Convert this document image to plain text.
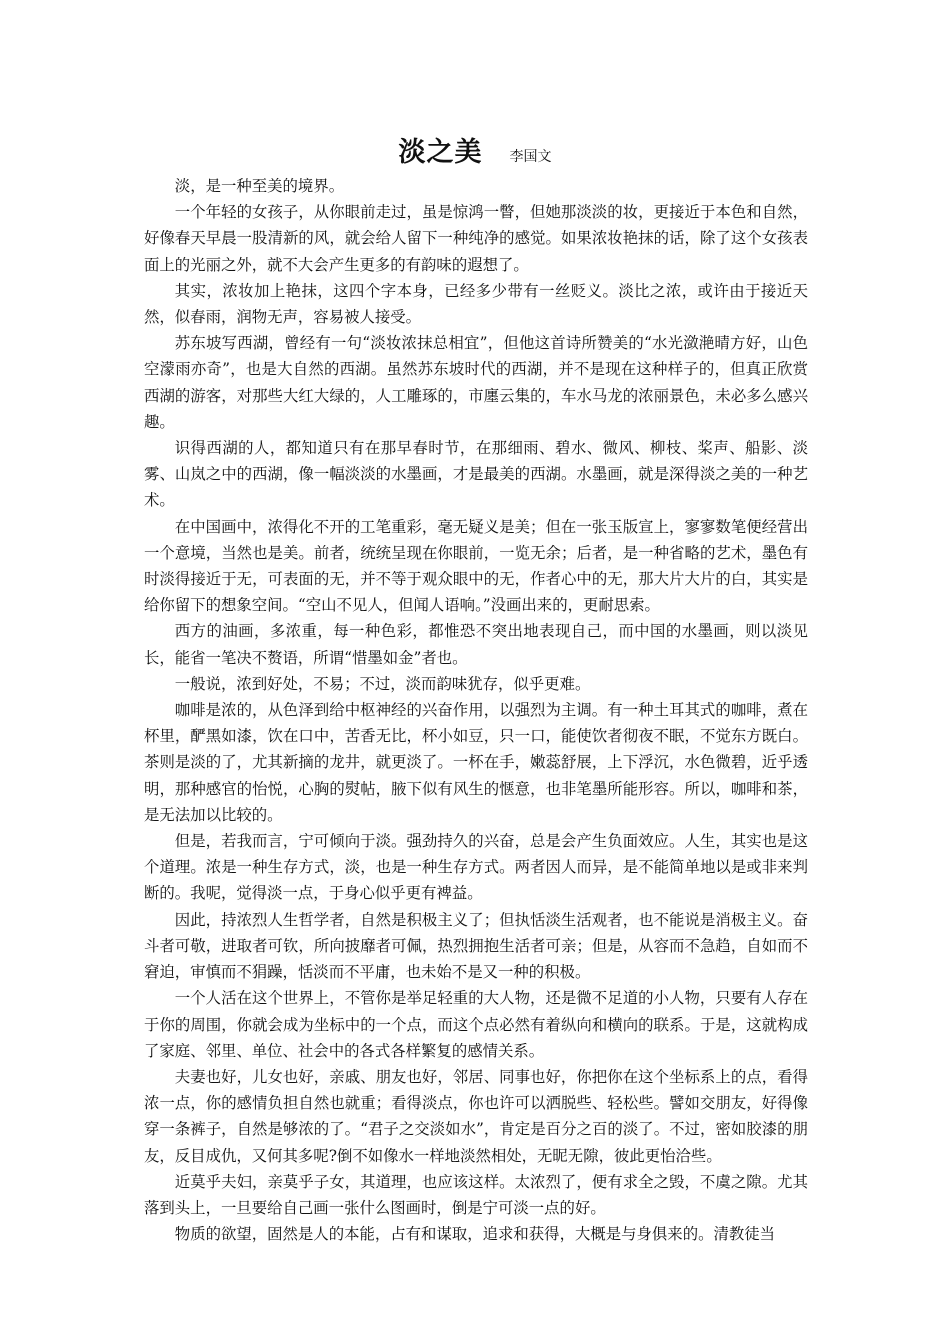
淡之美 李国文

淡，是一种至美的境界。

一个年轻的女孩子，从你眼前走过，虽是惊鸿一瞥，但她那淡淡的妆，更接近于本色和自然，好像春天早晨一股清新的风，就会给人留下一种纯净的感觉。如果浓妆艳抹的话，除了这个女孩表面上的光丽之外，就不大会产生更多的有韵味的遐想了。

其实，浓妆加上艳抹，这四个字本身，已经多少带有一丝贬义。淡比之浓，或许由于接近天然，似春雨，润物无声，容易被人接受。

苏东坡写西湖，曾经有一句“淡妆浓抹总相宜”，但他这首诗所赞美的“水光潋滟晴方好，山色空濛雨亦奇”，也是大自然的西湖。虽然苏东坡时代的西湖，并不是现在这种样子的，但真正欣赏西湖的游客，对那些大红大绿的，人工雕琢的，市廛云集的，车水马龙的浓丽景色，未必多么感兴趣。

识得西湖的人，都知道只有在那早春时节，在那细雨、碧水、微风、柳枝、桨声、船影、淡雾、山岚之中的西湖，像一幅淡淡的水墨画，才是最美的西湖。水墨画，就是深得淡之美的一种艺术。

在中国画中，浓得化不开的工笔重彩，毫无疑义是美；但在一张玉版宣上，寥寥数笔便经营出一个意境，当然也是美。前者，统统呈现在你眼前，一览无余；后者，是一种省略的艺术，墨色有时淡得接近于无，可表面的无，并不等于观众眼中的无，作者心中的无，那大片大片的白，其实是给你留下的想象空间。“空山不见人，但闻人语响。”没画出来的，更耐思索。

西方的油画，多浓重，每一种色彩，都惟恐不突出地表现自己，而中国的水墨画，则以淡见长，能省一笔决不赘语，所谓“惜墨如金”者也。

一般说，浓到好处，不易；不过，淡而韵味犹存，似乎更难。

咖啡是浓的，从色泽到给中枢神经的兴奋作用，以强烈为主调。有一种土耳其式的咖啡，煮在杯里，酽黑如漆，饮在口中，苦香无比，杯小如豆，只一口，能使饮者彻夜不眠，不觉东方既白。茶则是淡的了，尤其新摘的龙井，就更淡了。一杯在手，嫩蕊舒展，上下浮沉，水色微碧，近乎透明，那种感官的怡悦，心胸的熨帖，腋下似有风生的惬意，也非笔墨所能形容。所以，咖啡和茶，是无法加以比较的。

但是，若我而言，宁可倾向于淡。强劲持久的兴奋，总是会产生负面效应。人生，其实也是这个道理。浓是一种生存方式，淡，也是一种生存方式。两者因人而异，是不能简单地以是或非来判断的。我呢，觉得淡一点，于身心似乎更有裨益。

因此，持浓烈人生哲学者，自然是积极主义了；但执恬淡生活观者，也不能说是消极主义。奋斗者可敬，进取者可钦，所向披靡者可佩，热烈拥抱生活者可亲；但是，从容而不急趋，自如而不窘迫，审慎而不狷躁，恬淡而不平庸，也未始不是又一种的积极。

一个人活在这个世界上，不管你是举足轻重的大人物，还是微不足道的小人物，只要有人存在于你的周围，你就会成为坐标中的一个点，而这个点必然有着纵向和横向的联系。于是，这就构成了家庭、邻里、单位、社会中的各式各样繁复的感情关系。

夫妻也好，儿女也好，亲戚、朋友也好，邻居、同事也好，你把你在这个坐标系上的点，看得浓一点，你的感情负担自然也就重；看得淡点，你也许可以洒脱些、轻松些。譬如交朋友，好得像穿一条裤子，自然是够浓的了。“君子之交淡如水”，肯定是百分之百的淡了。不过，密如胶漆的朋友，反目成仇，又何其多呢?倒不如像水一样地淡然相处，无昵无隙，彼此更怡洽些。

近莫乎夫妇，亲莫乎子女，其道理，也应该这样。太浓烈了，便有求全之毁，不虞之隙。尤其落到头上，一旦要给自己画一张什么图画时，倒是宁可淡一点的好。

物质的欲望，固然是人的本能，占有和谋取，追求和获得，大概是与身俱来的。清教徒当
